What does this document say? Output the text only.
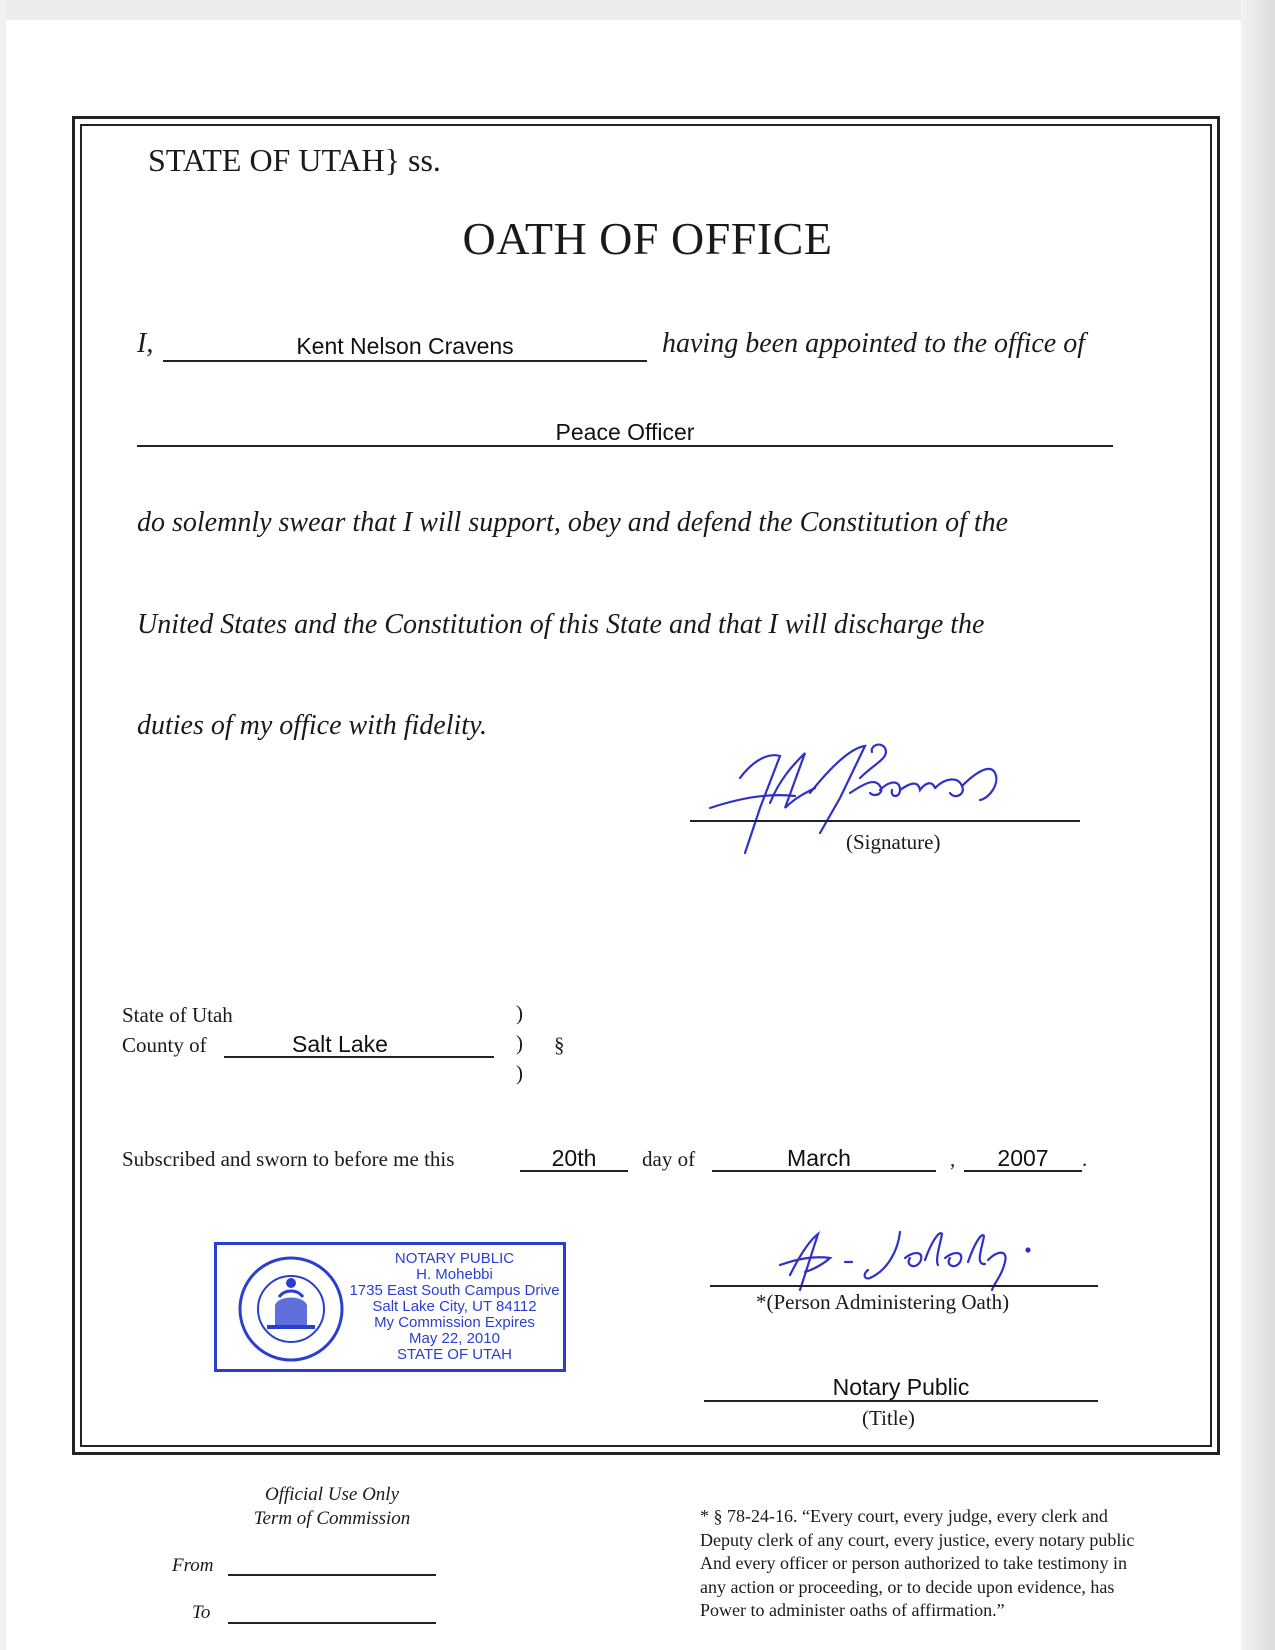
STATE OF UTAH} ss.
OATH OF OFFICE
I,	Kent Nelson Cravens	having been appointed to the office of
Peace Officer
do solemnly swear that I will support, obey and defend the Constitution of the
United States and the Constitution of this State and that I will discharge the
duties of my office with fidelity.
(Signature)
State of Utah
County of	Salt Lake
)
)
)
§
Subscribed and sworn to before me this	20th	day of	March	,	2007	.
NOTARY PUBLIC
H. Mohebbi
1735 East South Campus Drive
Salt Lake City, UT 84112
My Commission Expires
May 22, 2010
STATE OF UTAH
*(Person Administering Oath)
Notary Public
(Title)
Official Use Only
Term of Commission
From
To
* § 78-24-16. “Every court, every judge, every clerk and
Deputy clerk of any court, every justice, every notary public
And every officer or person authorized to take testimony in
any action or proceeding, or to decide upon evidence, has
Power to administer oaths of affirmation.”
